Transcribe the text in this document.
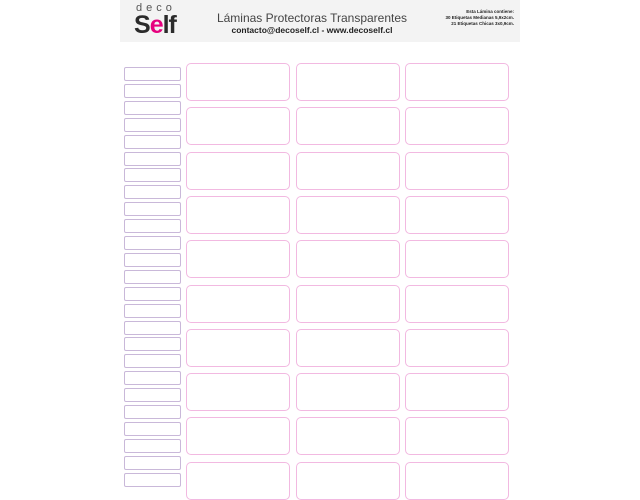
deco
Self	Láminas Protectoras Transparentes
contacto@decoself.cl - www.decoself.cl
Esta Lámina contiene:
30 Etiquetas Medianas 5,9x2cm.
21 Etiquetas Chicas 3x0,9cm.
